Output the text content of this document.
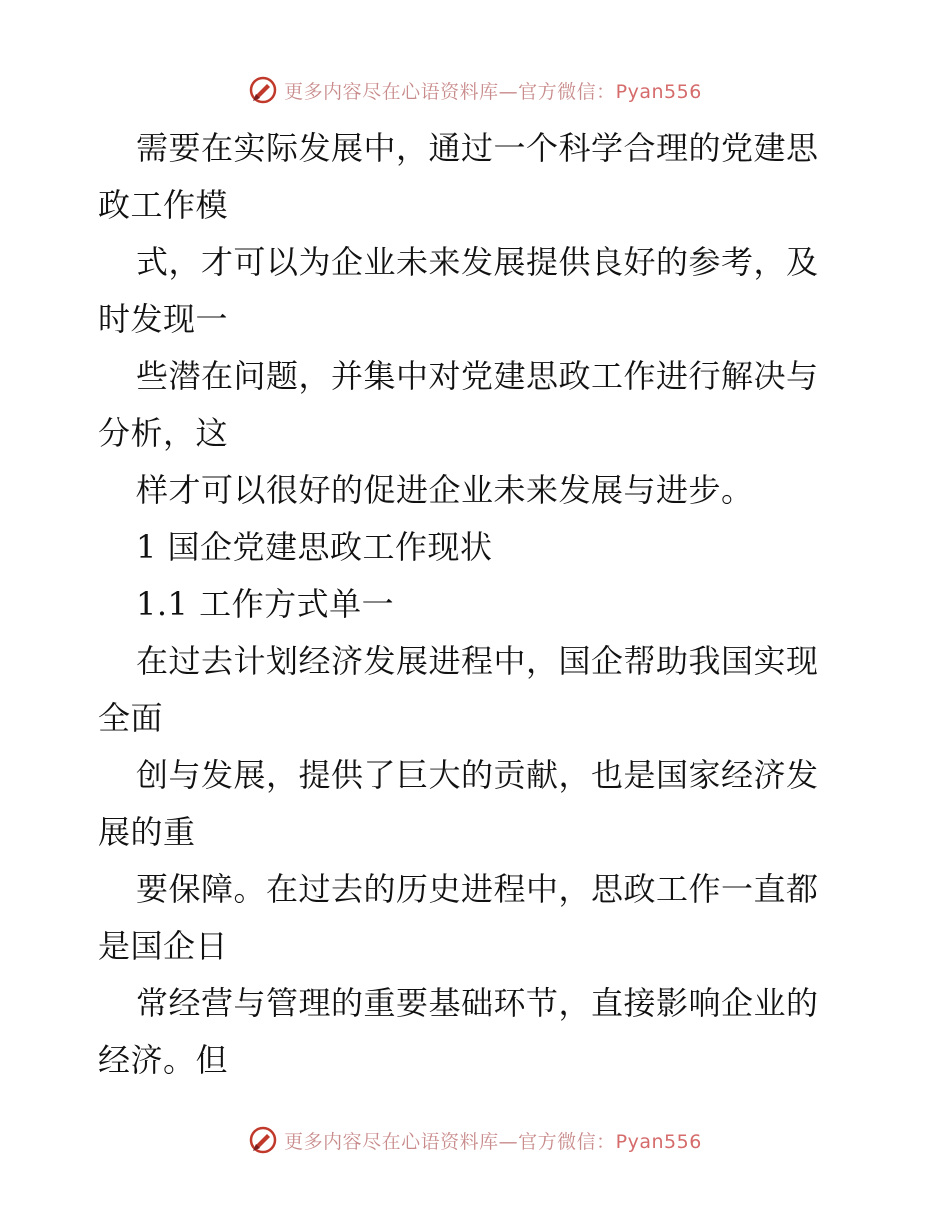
更多内容尽在心语资料库—官方微信：Pyan556
需要在实际发展中，通过一个科学合理的党建思
政工作模
式，才可以为企业未来发展提供良好的参考，及
时发现一
些潜在问题，并集中对党建思政工作进行解决与
分析，这
样才可以很好的促进企业未来发展与进步。
1 国企党建思政工作现状
1.1 工作方式单一
在过去计划经济发展进程中，国企帮助我国实现
全面
创与发展，提供了巨大的贡献，也是国家经济发
展的重
要保障。在过去的历史进程中，思政工作一直都
是国企日
常经营与管理的重要基础环节，直接影响企业的
经济。但
更多内容尽在心语资料库—官方微信：Pyan556
